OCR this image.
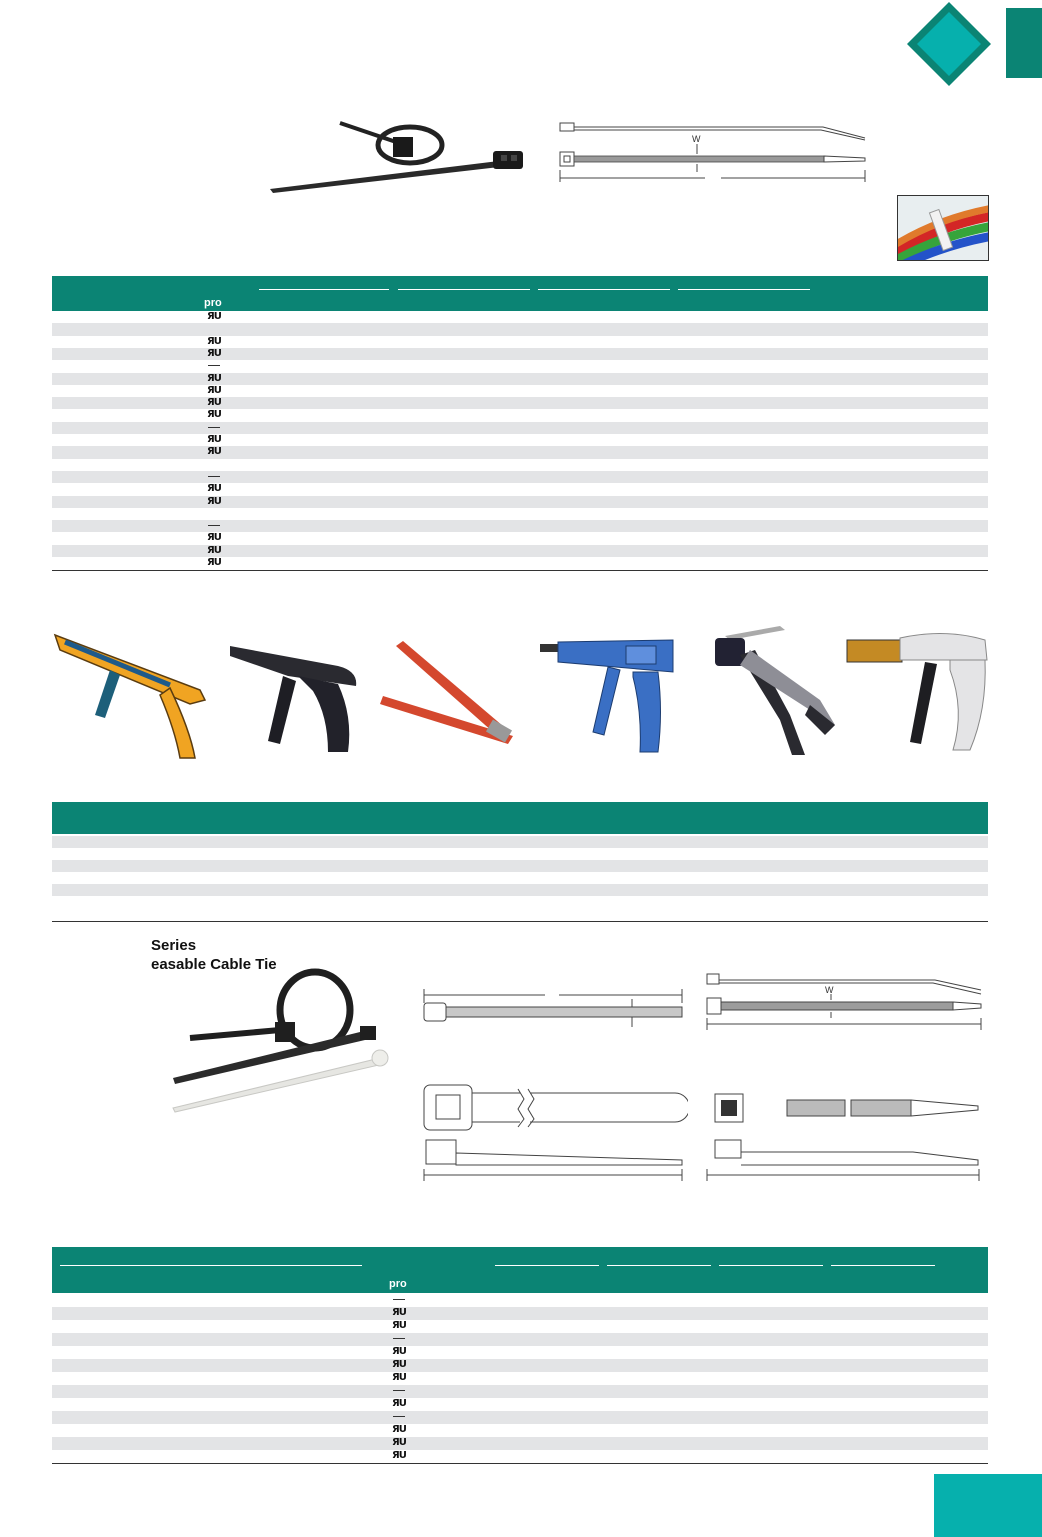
W
pro
ЯU
ЯU
ЯU
ЯU
ЯU
ЯU
ЯU
ЯU
ЯU
ЯU
ЯU
ЯU
ЯU
ЯU
Series
easable Cable Tie
W
pro
ЯU
ЯU
ЯU
ЯU
ЯU
ЯU
ЯU
ЯU
ЯU
